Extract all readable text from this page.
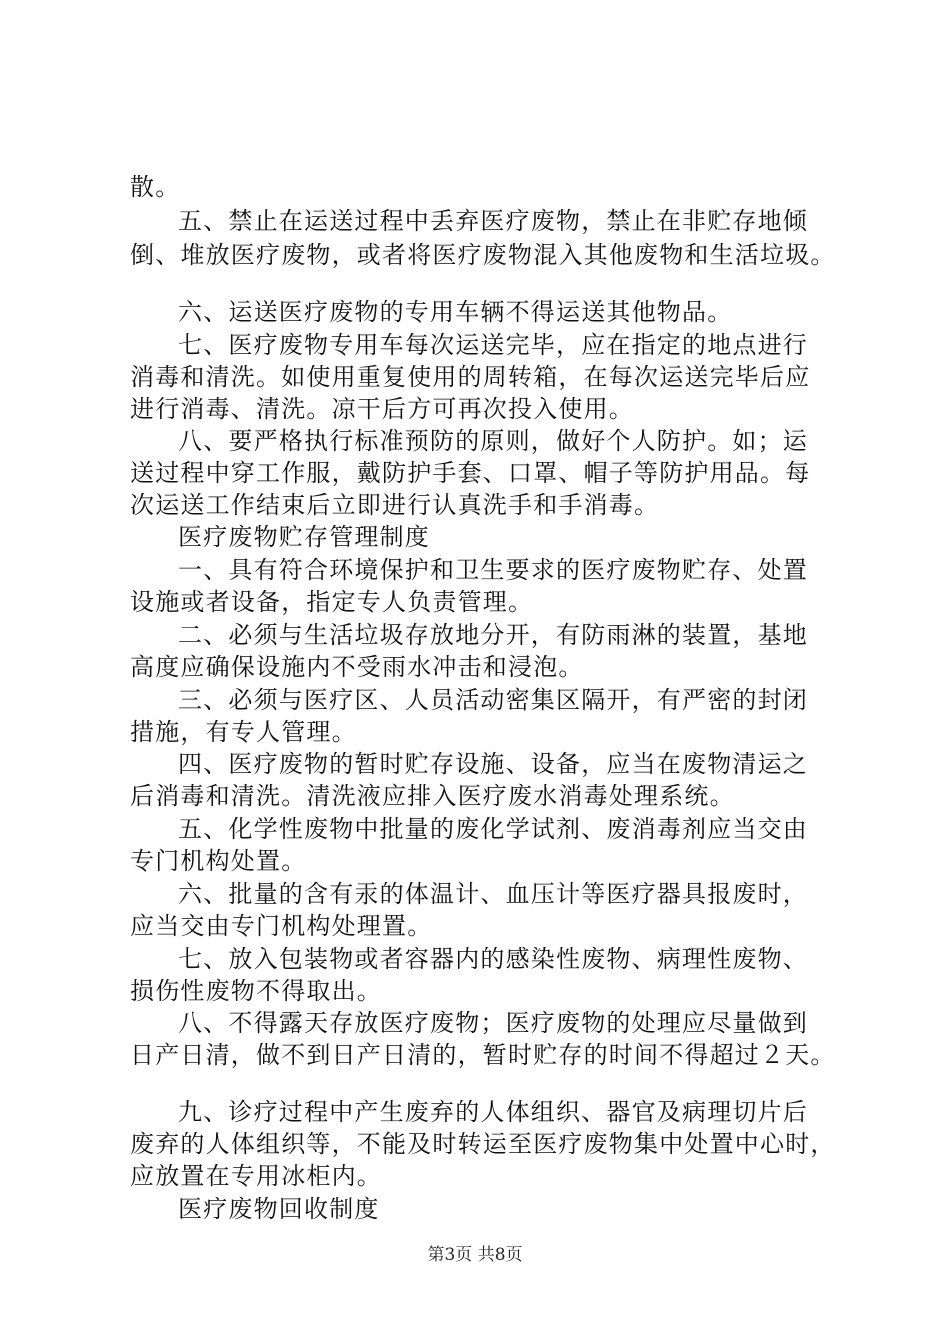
散。
五、禁止在运送过程中丢弃医疗废物，禁止在非贮存地倾
倒、堆放医疗废物，或者将医疗废物混入其他废物和生活垃圾。
六、运送医疗废物的专用车辆不得运送其他物品。
七、医疗废物专用车每次运送完毕，应在指定的地点进行
消毒和清洗。如使用重复使用的周转箱，在每次运送完毕后应
进行消毒、清洗。凉干后方可再次投入使用。
八、要严格执行标准预防的原则，做好个人防护。如；运
送过程中穿工作服，戴防护手套、口罩、帽子等防护用品。每
次运送工作结束后立即进行认真洗手和手消毒。
医疗废物贮存管理制度
一、具有符合环境保护和卫生要求的医疗废物贮存、处置
设施或者设备，指定专人负责管理。
二、必须与生活垃圾存放地分开，有防雨淋的装置，基地
高度应确保设施内不受雨水冲击和浸泡。
三、必须与医疗区、人员活动密集区隔开，有严密的封闭
措施，有专人管理。
四、医疗废物的暂时贮存设施、设备，应当在废物清运之
后消毒和清洗。清洗液应排入医疗废水消毒处理系统。
五、化学性废物中批量的废化学试剂、废消毒剂应当交由
专门机构处置。
六、批量的含有汞的体温计、血压计等医疗器具报废时，
应当交由专门机构处理置。
七、放入包装物或者容器内的感染性废物、病理性废物、
损伤性废物不得取出。
八、不得露天存放医疗废物；医疗废物的处理应尽量做到
日产日清，做不到日产日清的，暂时贮存的时间不得超过２天。
九、诊疗过程中产生废弃的人体组织、器官及病理切片后
废弃的人体组织等，不能及时转运至医疗废物集中处置中心时，
应放置在专用冰柜内。
医疗废物回收制度
第3页 共8页
